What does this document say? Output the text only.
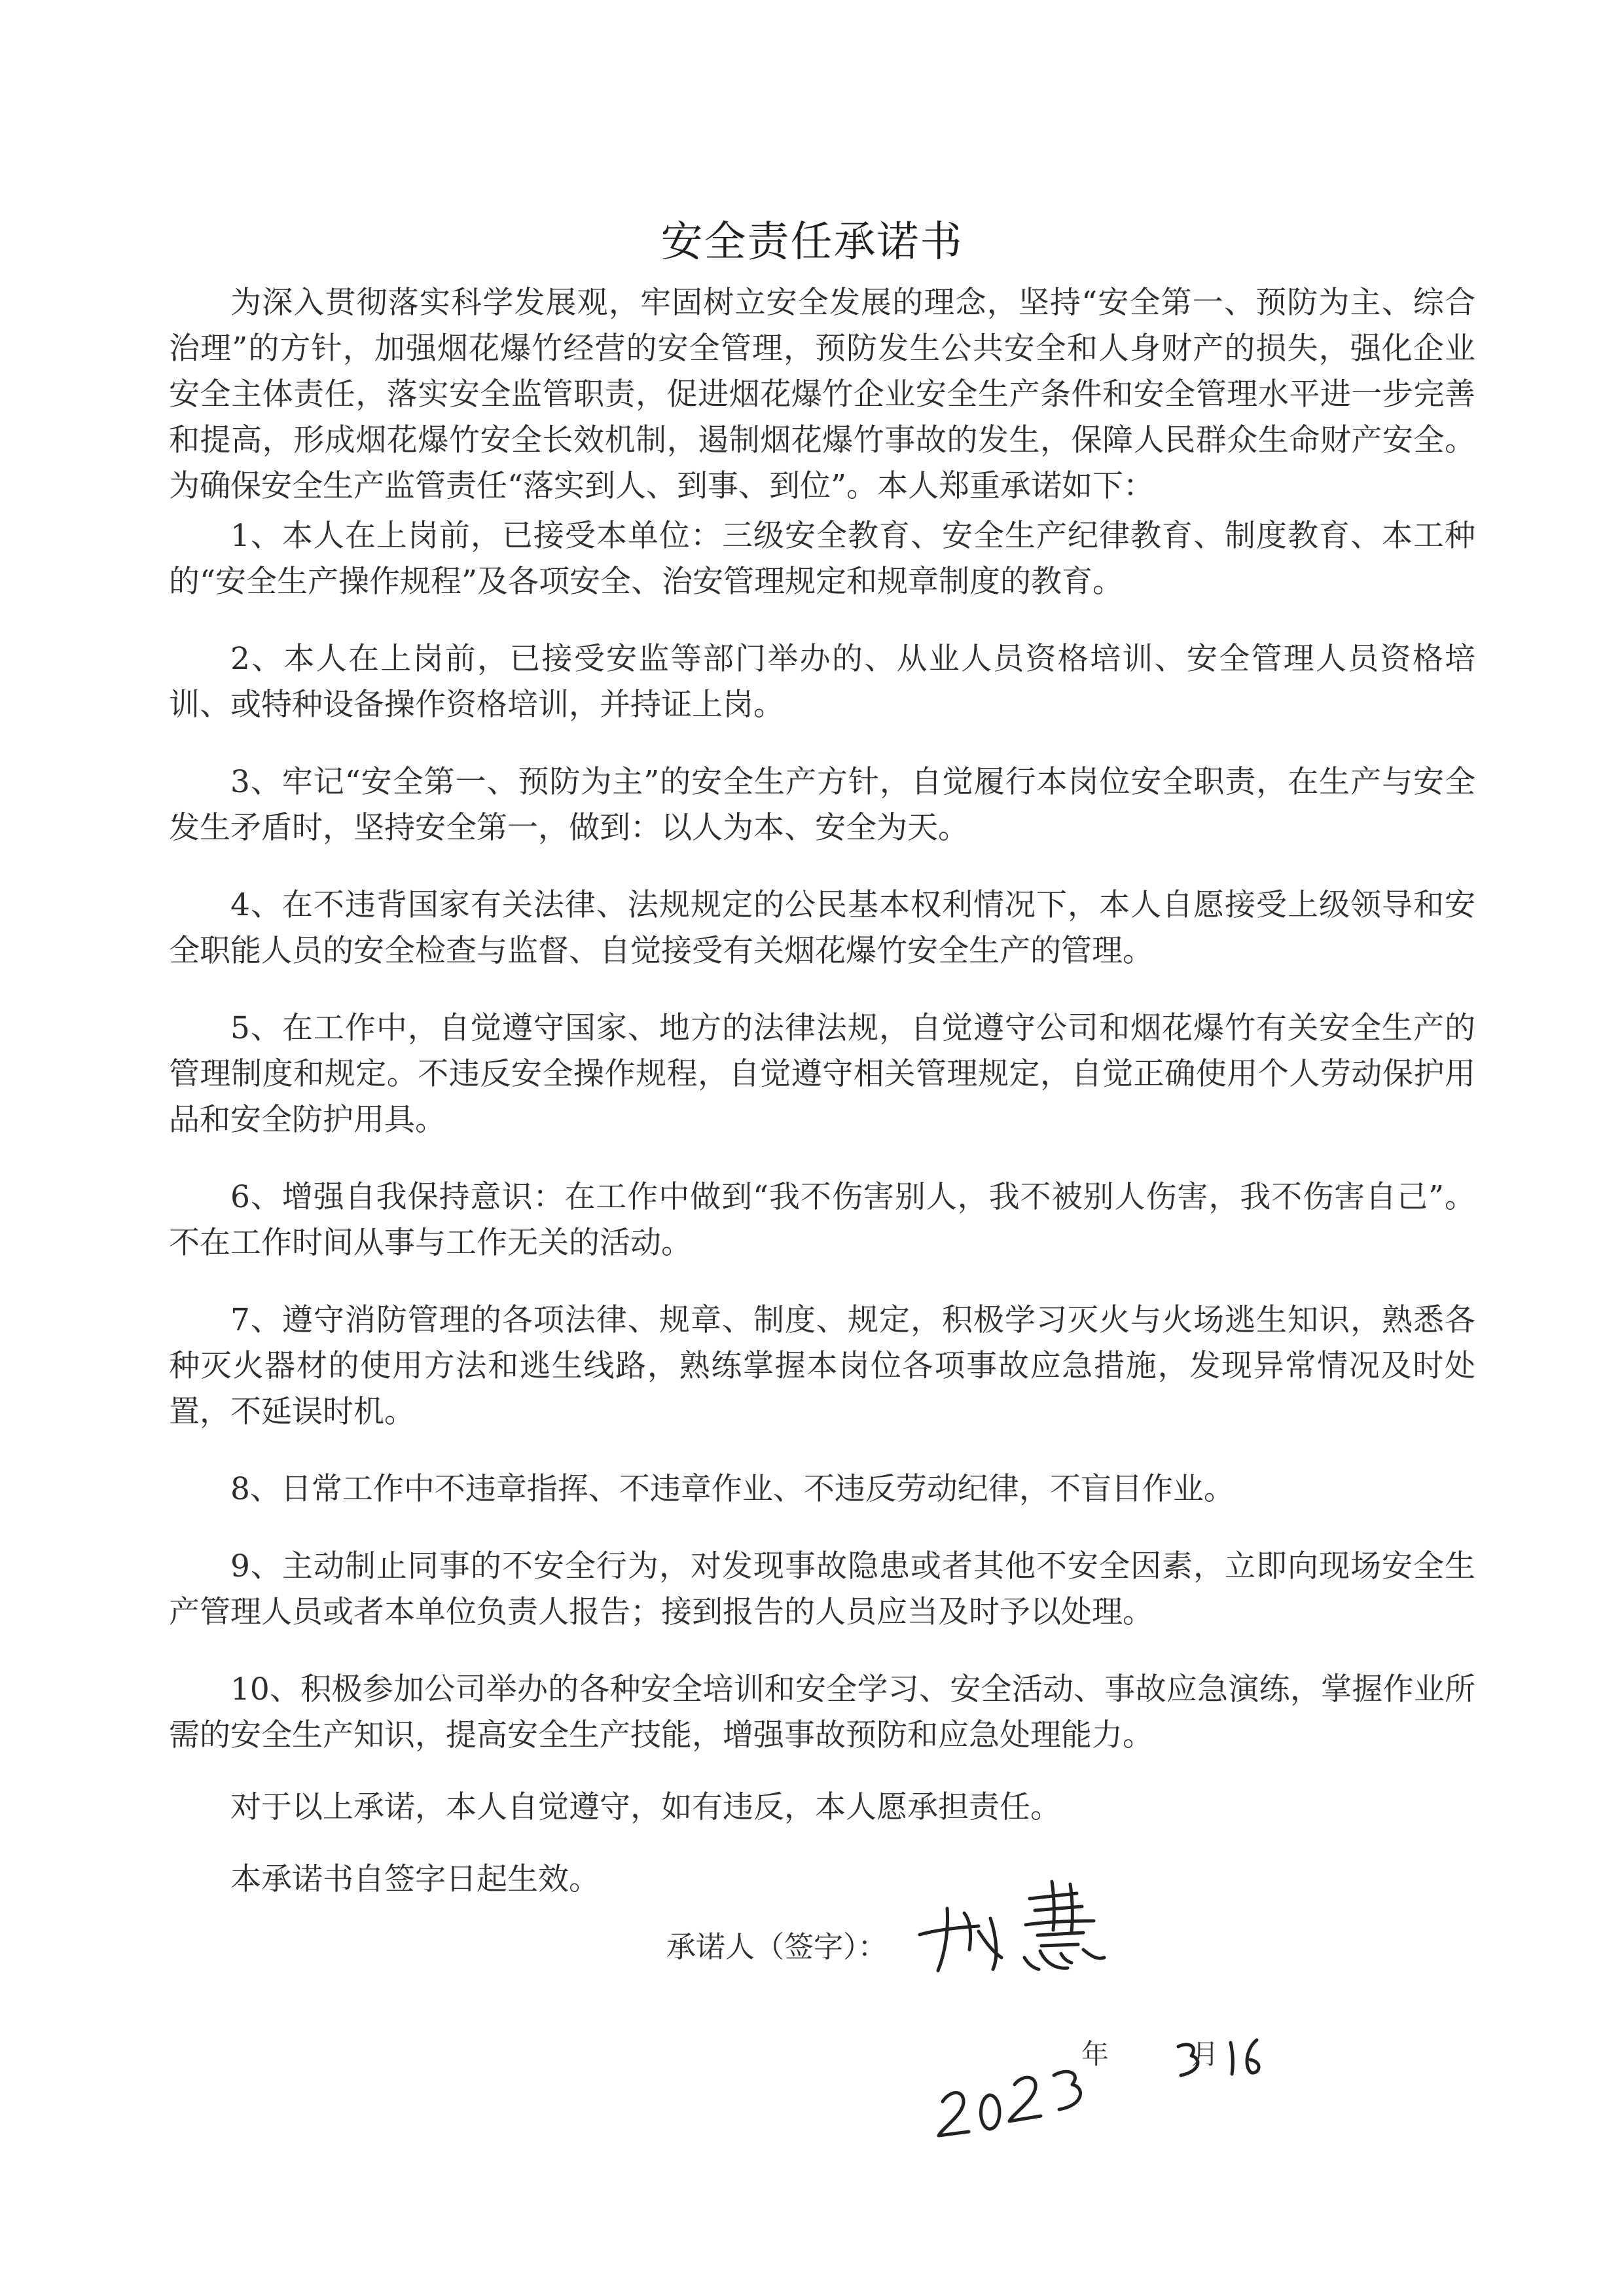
安全责任承诺书

为深入贯彻落实科学发展观，牢固树立安全发展的理念，坚持“安全第一、预防为主、综合治理”的方针，加强烟花爆竹经营的安全管理，预防发生公共安全和人身财产的损失，强化企业安全主体责任，落实安全监管职责，促进烟花爆竹企业安全生产条件和安全管理水平进一步完善和提高，形成烟花爆竹安全长效机制，遏制烟花爆竹事故的发生，保障人民群众生命财产安全。为确保安全生产监管责任“落实到人、到事、到位”。本人郑重承诺如下：

1、本人在上岗前，已接受本单位：三级安全教育、安全生产纪律教育、制度教育、本工种的“安全生产操作规程”及各项安全、治安管理规定和规章制度的教育。

2、本人在上岗前，已接受安监等部门举办的、从业人员资格培训、安全管理人员资格培训、或特种设备操作资格培训，并持证上岗。

3、牢记“安全第一、预防为主”的安全生产方针，自觉履行本岗位安全职责，在生产与安全发生矛盾时，坚持安全第一，做到：以人为本、安全为天。

4、在不违背国家有关法律、法规规定的公民基本权利情况下，本人自愿接受上级领导和安全职能人员的安全检查与监督、自觉接受有关烟花爆竹安全生产的管理。

5、在工作中，自觉遵守国家、地方的法律法规，自觉遵守公司和烟花爆竹有关安全生产的管理制度和规定。不违反安全操作规程，自觉遵守相关管理规定，自觉正确使用个人劳动保护用品和安全防护用具。

6、增强自我保持意识：在工作中做到“我不伤害别人，我不被别人伤害，我不伤害自己”。不在工作时间从事与工作无关的活动。

7、遵守消防管理的各项法律、规章、制度、规定，积极学习灭火与火场逃生知识，熟悉各种灭火器材的使用方法和逃生线路，熟练掌握本岗位各项事故应急措施，发现异常情况及时处置，不延误时机。

8、日常工作中不违章指挥、不违章作业、不违反劳动纪律，不盲目作业。

9、主动制止同事的不安全行为，对发现事故隐患或者其他不安全因素，立即向现场安全生产管理人员或者本单位负责人报告；接到报告的人员应当及时予以处理。

10、积极参加公司举办的各种安全培训和安全学习、安全活动、事故应急演练，掌握作业所需的安全生产知识，提高安全生产技能，增强事故预防和应急处理能力。

对于以上承诺，本人自觉遵守，如有违反，本人愿承担责任。

本承诺书自签字日起生效。

承诺人（签字）：
年	月
